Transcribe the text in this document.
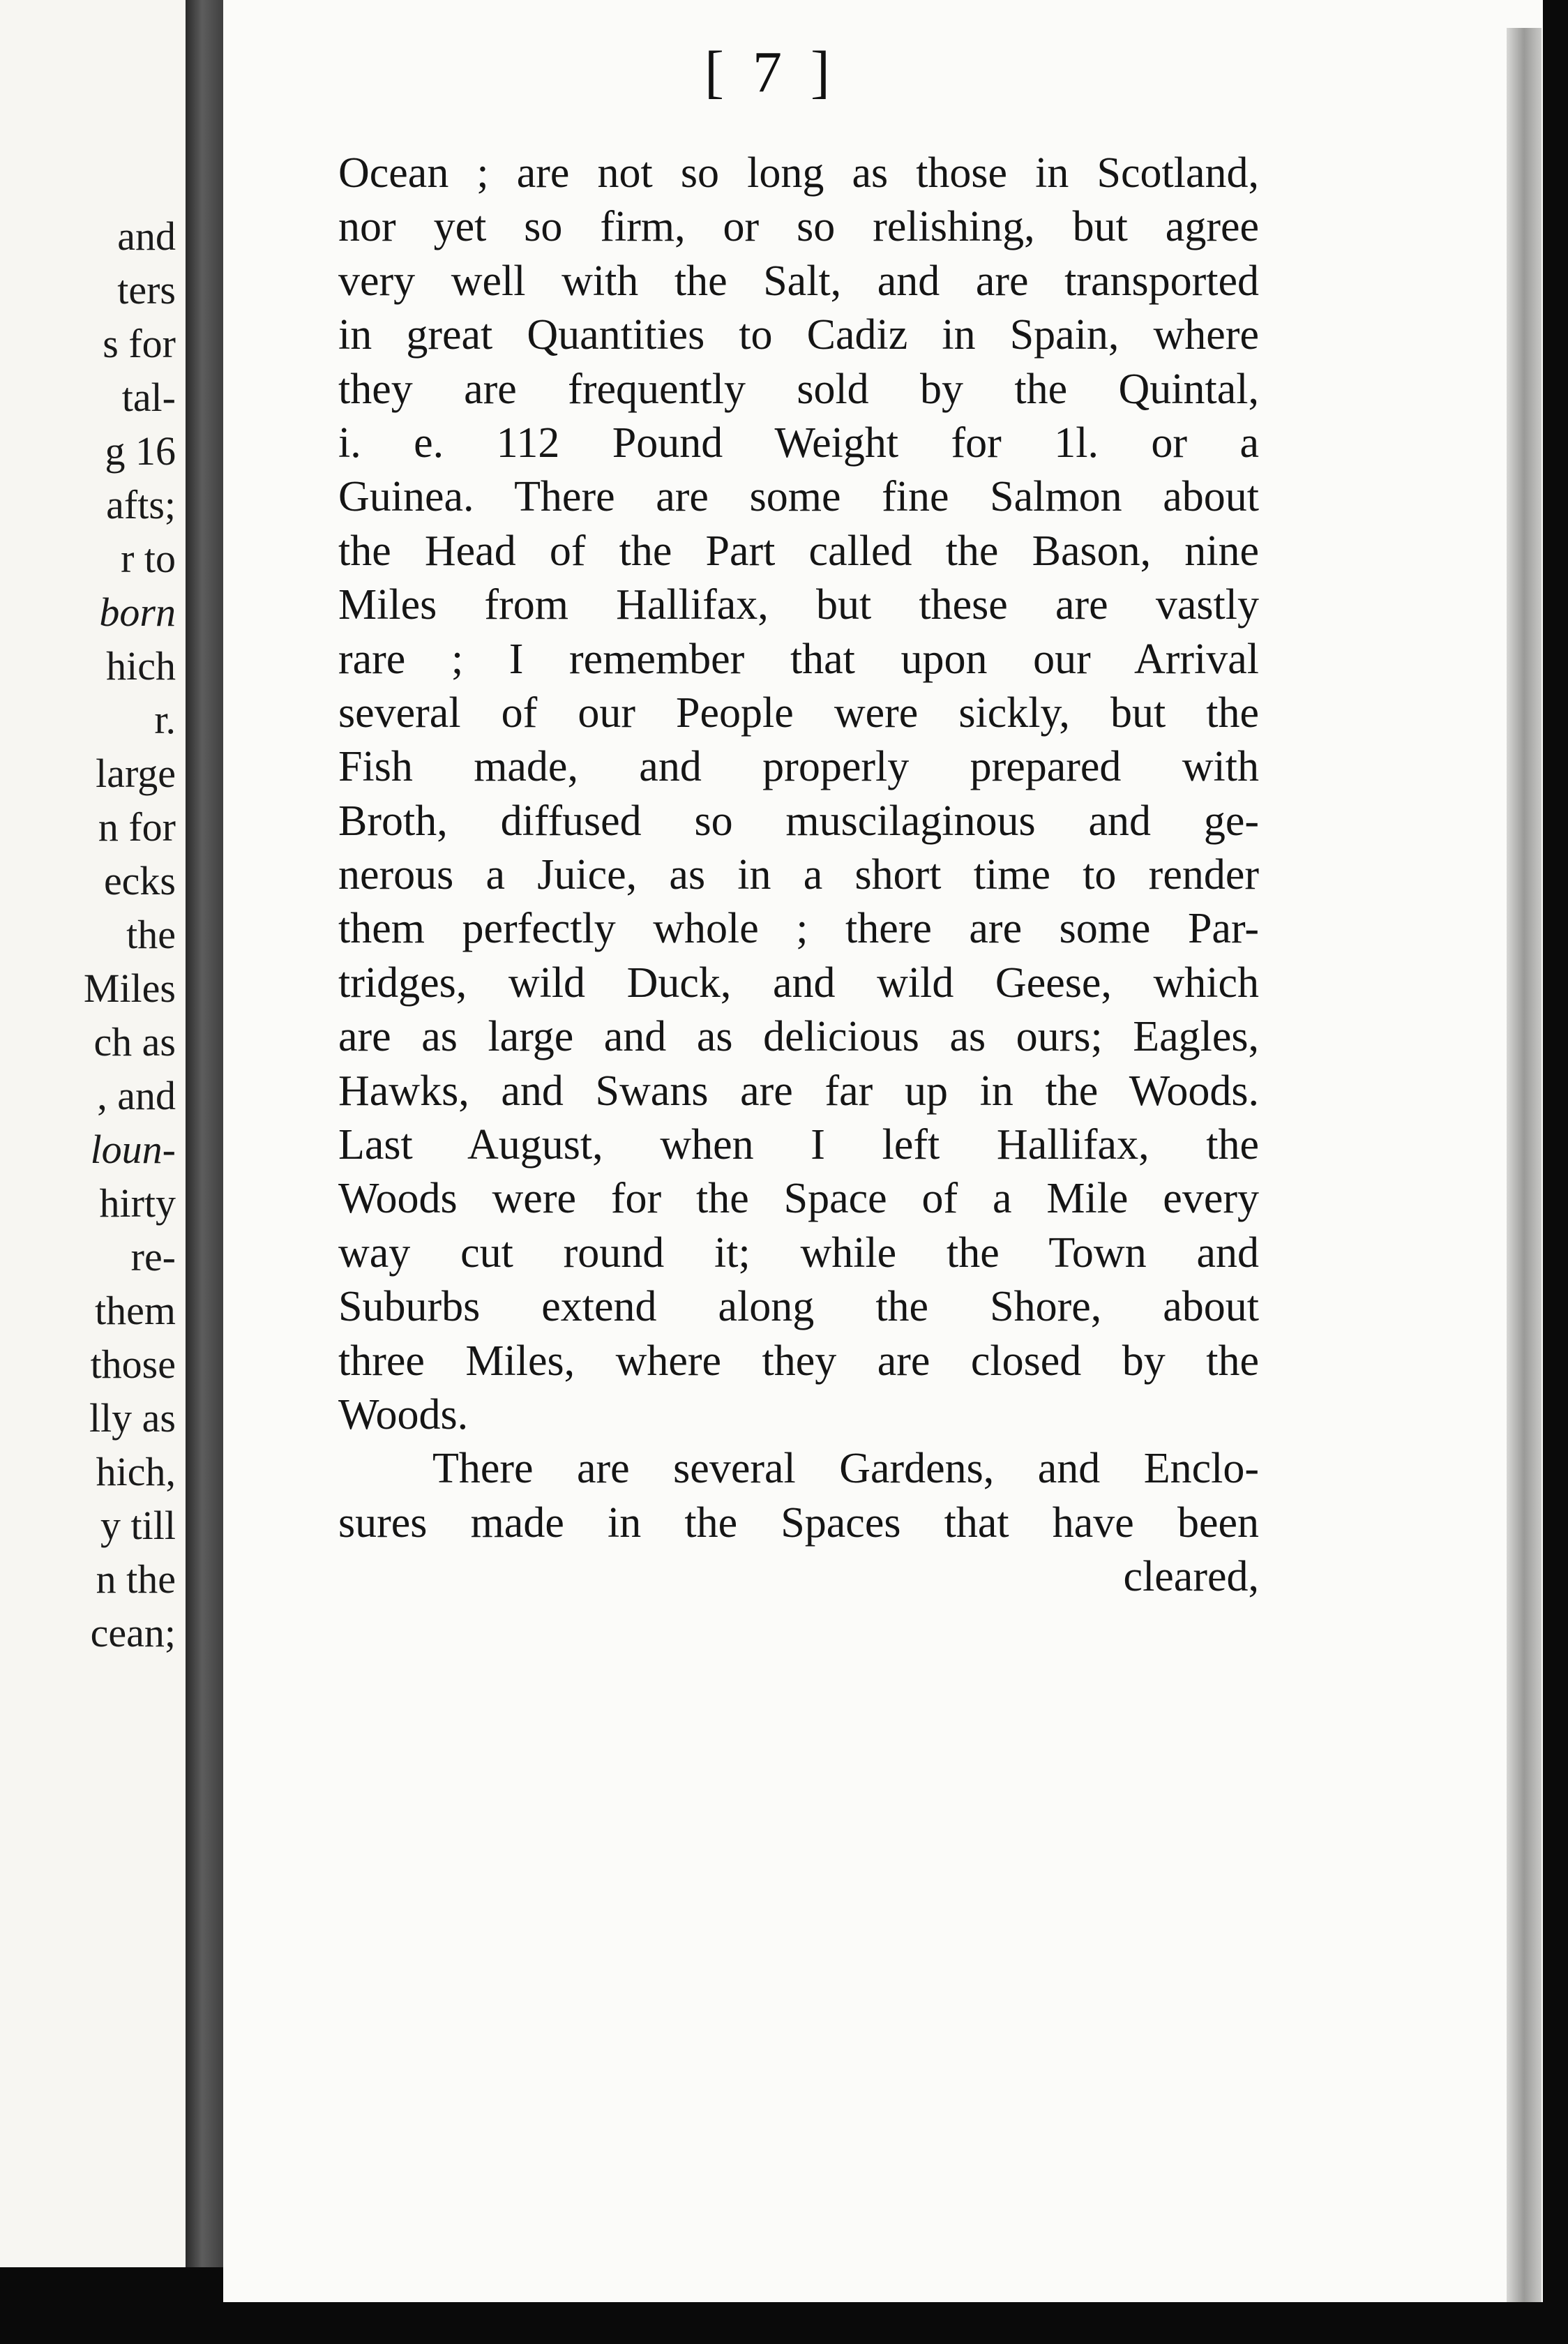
and

ters

s for

tal-

g 16

afts;

r to

born

hich

r.

large

n for

ecks

the

Miles

ch as

, and

loun-

hirty

re-

them

those

lly as

hich,

y till

n the

cean;

[ 7 ]

Ocean ; are not so long as those in Scotland,
nor yet so firm, or so relishing, but agree
very well with the Salt, and are transported
in great Quantities to Cadiz in Spain, where
they are frequently sold by the Quintal,
i. e. 112 Pound Weight for 1l. or a
Guinea. There are some fine Salmon about
the Head of the Part called the Bason, nine
Miles from Hallifax, but these are vastly
rare ; I remember that upon our Arrival
several of our People were sickly, but the
Fish made, and properly prepared with
Broth, diffused so muscilaginous and ge-
nerous a Juice, as in a short time to render
them perfectly whole ; there are some Par-
tridges, wild Duck, and wild Geese, which
are as large and as delicious as ours; Eagles,
Hawks, and Swans are far up in the Woods.
Last August, when I left Hallifax, the
Woods were for the Space of a Mile every
way cut round it; while the Town and
Suburbs extend along the Shore, about
three Miles, where they are closed by the
Woods.
There are several Gardens, and Enclo-
sures made in the Spaces that have been
cleared,
